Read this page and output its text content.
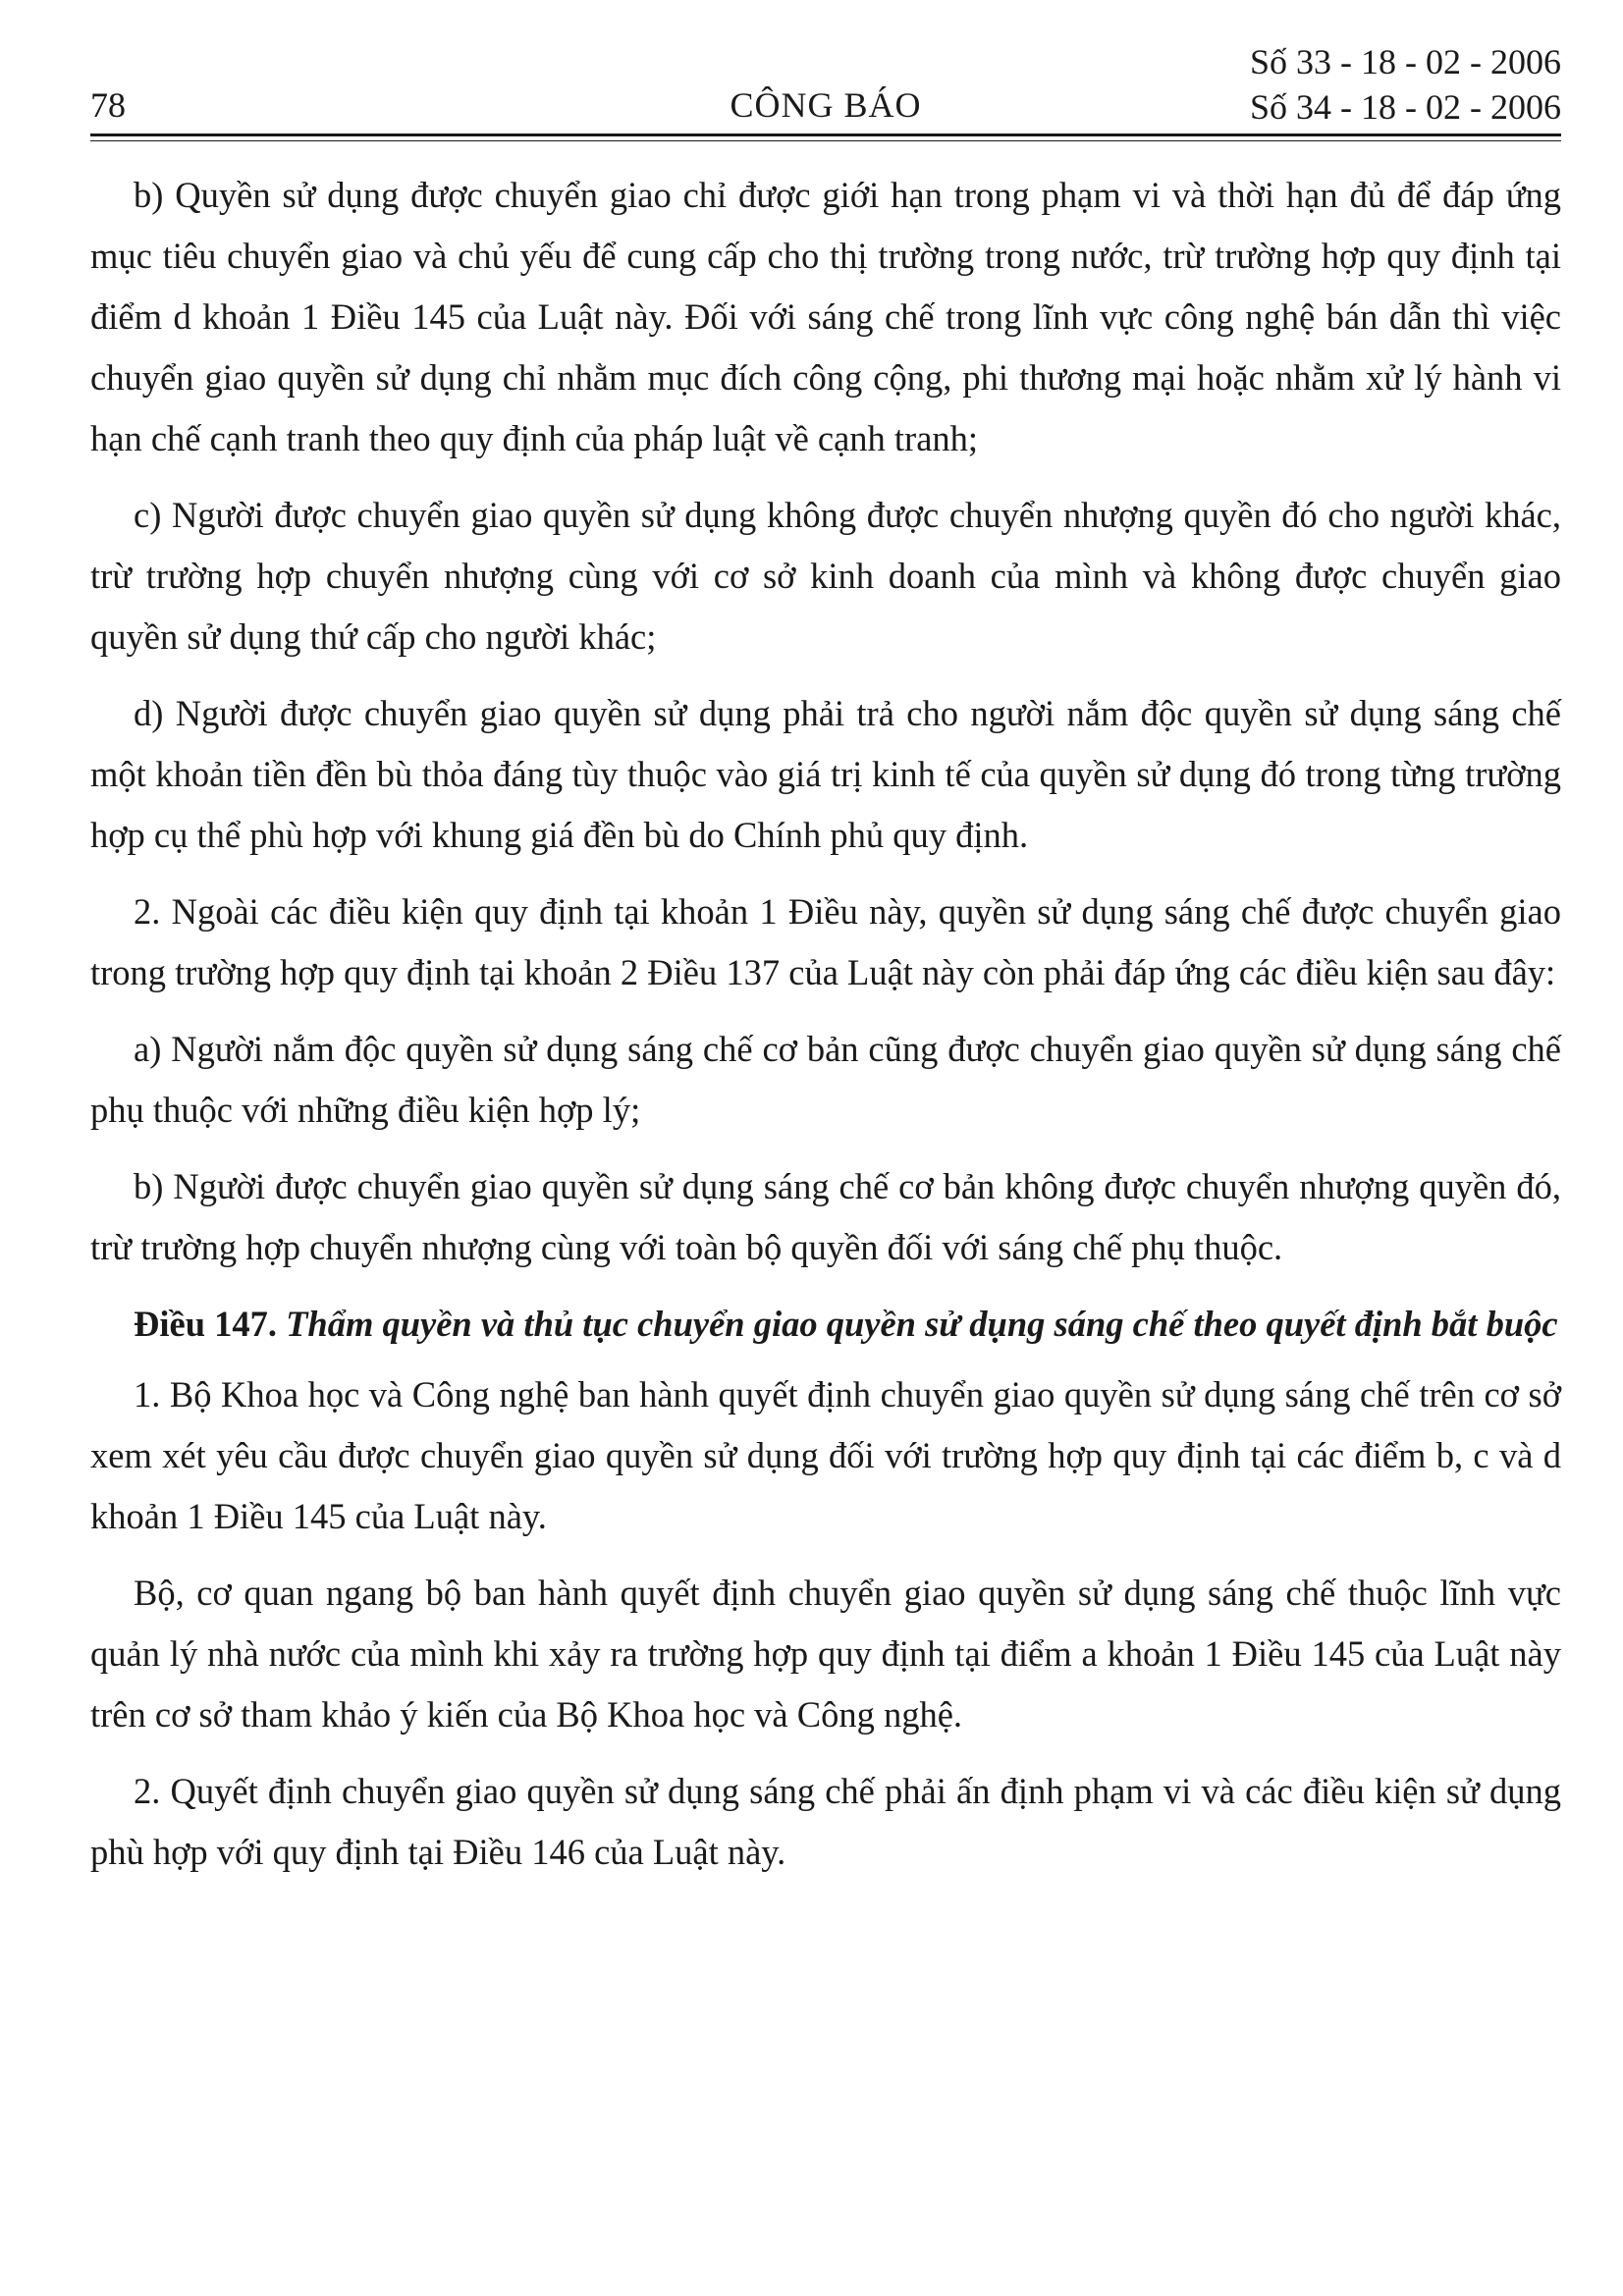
78	CÔNG BÁO
Số 33 - 18 - 02 - 2006
Số 34 - 18 - 02 - 2006

b) Quyền sử dụng được chuyển giao chỉ được giới hạn trong phạm vi và thời hạn đủ để đáp ứng mục tiêu chuyển giao và chủ yếu để cung cấp cho thị trường trong nước, trừ trường hợp quy định tại điểm d khoản 1 Điều 145 của Luật này. Đối với sáng chế trong lĩnh vực công nghệ bán dẫn thì việc chuyển giao quyền sử dụng chỉ nhằm mục đích công cộng, phi thương mại hoặc nhằm xử lý hành vi hạn chế cạnh tranh theo quy định của pháp luật về cạnh tranh;

c) Người được chuyển giao quyền sử dụng không được chuyển nhượng quyền đó cho người khác, trừ trường hợp chuyển nhượng cùng với cơ sở kinh doanh của mình và không được chuyển giao quyền sử dụng thứ cấp cho người khác;

d) Người được chuyển giao quyền sử dụng phải trả cho người nắm độc quyền sử dụng sáng chế một khoản tiền đền bù thỏa đáng tùy thuộc vào giá trị kinh tế của quyền sử dụng đó trong từng trường hợp cụ thể phù hợp với khung giá đền bù do Chính phủ quy định.

2. Ngoài các điều kiện quy định tại khoản 1 Điều này, quyền sử dụng sáng chế được chuyển giao trong trường hợp quy định tại khoản 2 Điều 137 của Luật này còn phải đáp ứng các điều kiện sau đây:

a) Người nắm độc quyền sử dụng sáng chế cơ bản cũng được chuyển giao quyền sử dụng sáng chế phụ thuộc với những điều kiện hợp lý;

b) Người được chuyển giao quyền sử dụng sáng chế cơ bản không được chuyển nhượng quyền đó, trừ trường hợp chuyển nhượng cùng với toàn bộ quyền đối với sáng chế phụ thuộc.

Điều 147. Thẩm quyền và thủ tục chuyển giao quyền sử dụng sáng chế theo quyết định bắt buộc

1. Bộ Khoa học và Công nghệ ban hành quyết định chuyển giao quyền sử dụng sáng chế trên cơ sở xem xét yêu cầu được chuyển giao quyền sử dụng đối với trường hợp quy định tại các điểm b, c và d khoản 1 Điều 145 của Luật này.

Bộ, cơ quan ngang bộ ban hành quyết định chuyển giao quyền sử dụng sáng chế thuộc lĩnh vực quản lý nhà nước của mình khi xảy ra trường hợp quy định tại điểm a khoản 1 Điều 145 của Luật này trên cơ sở tham khảo ý kiến của Bộ Khoa học và Công nghệ.

2. Quyết định chuyển giao quyền sử dụng sáng chế phải ấn định phạm vi và các điều kiện sử dụng phù hợp với quy định tại Điều 146 của Luật này.
